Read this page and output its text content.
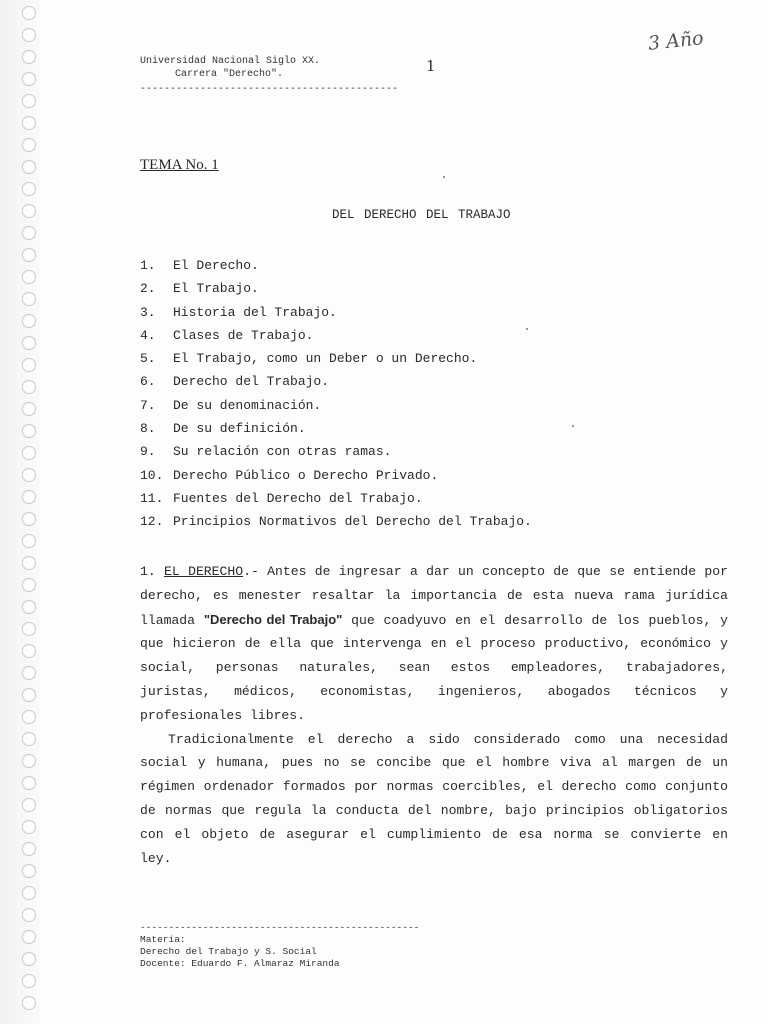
3 Año
Universidad Nacional Siglo XX.
Carrera "Derecho".
-------------------------------------------
1
TEMA No. 1
DEL DERECHO DEL TRABAJO
1.	El Derecho.
2.	El Trabajo.
3.	Historia del Trabajo.
4.	Clases de Trabajo.
5.	El Trabajo, como un Deber o un Derecho.
6.	Derecho del Trabajo.
7.	De su denominación.
8.	De su definición.
9.	Su relación con otras ramas.
10. Derecho Público o Derecho Privado.
11. Fuentes del Derecho del Trabajo.
12. Principios Normativos del Derecho del Trabajo.

1. EL DERECHO.- Antes de ingresar a dar un concepto de que se entiende por derecho, es menester resaltar la importancia de esta nueva rama jurídica llamada "Derecho del Trabajo" que coadyuvo en el desarrollo de los pueblos, y que hicieron de ella que intervenga en el proceso productivo, económico y social, personas naturales, sean estos empleadores, trabajadores, juristas, médicos, economistas, ingenieros, abogados técnicos y profesionales libres.

Tradicionalmente el derecho a sido considerado como una necesidad social y humana, pues no se concibe que el hombre viva al margen de un régimen ordenador formados por normas coercibles, el derecho como conjunto de normas que regula la conducta del nombre, bajo principios obligatorios con el objeto de asegurar el cumplimiento de esa norma se convierte en ley.

-------------------------------------------------
Materia:
Derecho del Trabajo y S. Social
Docente: Eduardo F. Almaraz Miranda
